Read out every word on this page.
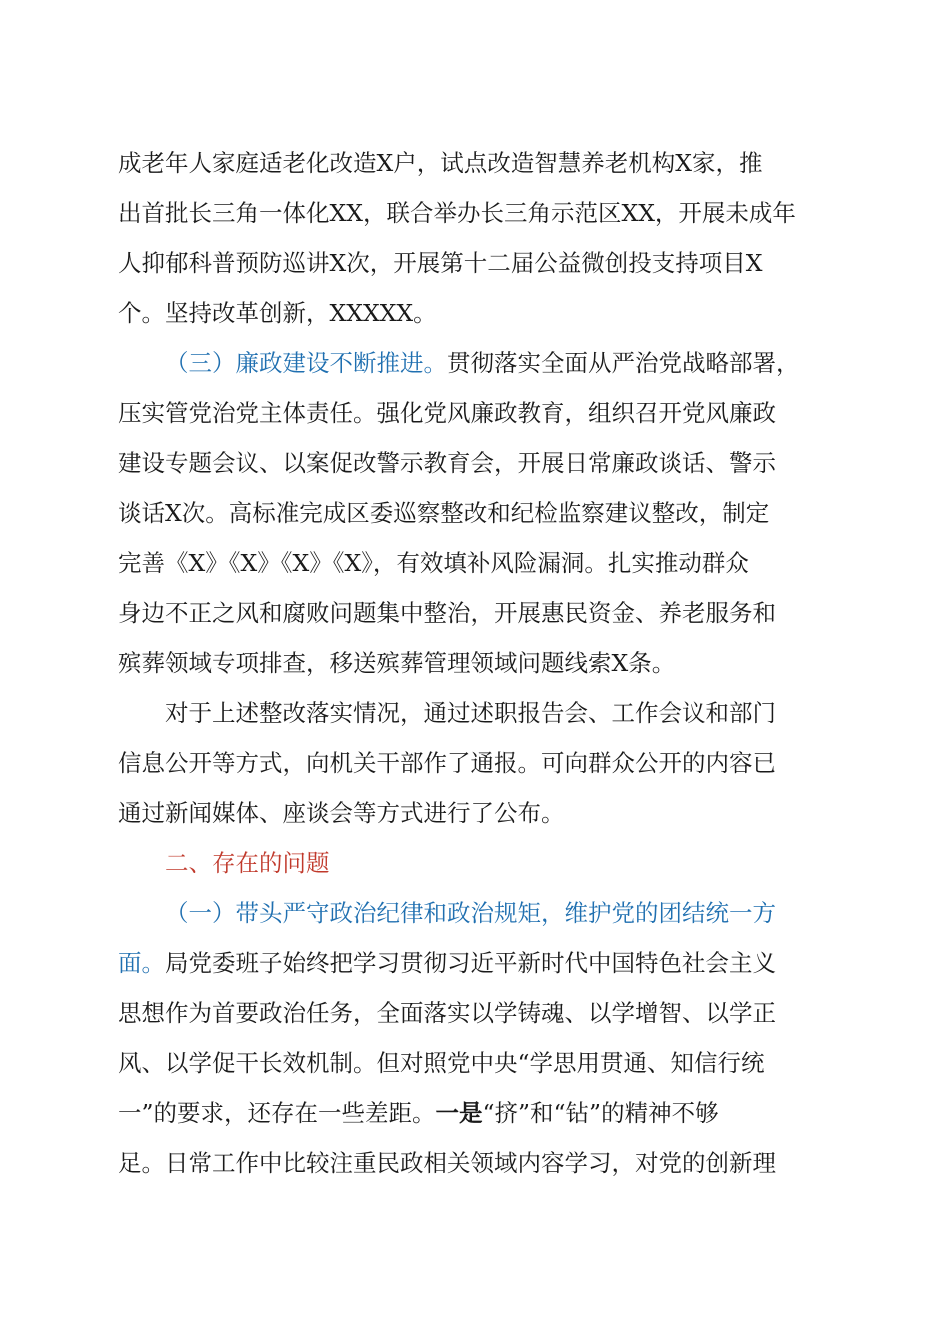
成老年人家庭适老化改造X户，试点改造智慧养老机构X家，推
出首批长三角一体化XX，联合举办长三角示范区XX，开展未成年
人抑郁科普预防巡讲X次，开展第十二届公益微创投支持项目X
个。坚持改革创新，XXXXX。
（三）廉政建设不断推进。贯彻落实全面从严治党战略部署，
压实管党治党主体责任。强化党风廉政教育，组织召开党风廉政
建设专题会议、以案促改警示教育会，开展日常廉政谈话、警示
谈话X次。高标准完成区委巡察整改和纪检监察建议整改，制定
完善《X》《X》《X》《X》，有效填补风险漏洞。扎实推动群众
身边不正之风和腐败问题集中整治，开展惠民资金、养老服务和
殡葬领域专项排查，移送殡葬管理领域问题线索X条。
对于上述整改落实情况，通过述职报告会、工作会议和部门
信息公开等方式，向机关干部作了通报。可向群众公开的内容已
通过新闻媒体、座谈会等方式进行了公布。
二、存在的问题
（一）带头严守政治纪律和政治规矩，维护党的团结统一方
面。局党委班子始终把学习贯彻习近平新时代中国特色社会主义
思想作为首要政治任务，全面落实以学铸魂、以学增智、以学正
风、以学促干长效机制。但对照党中央“学思用贯通、知信行统
一”的要求，还存在一些差距。一是“挤”和“钻”的精神不够
足。日常工作中比较注重民政相关领域内容学习，对党的创新理
